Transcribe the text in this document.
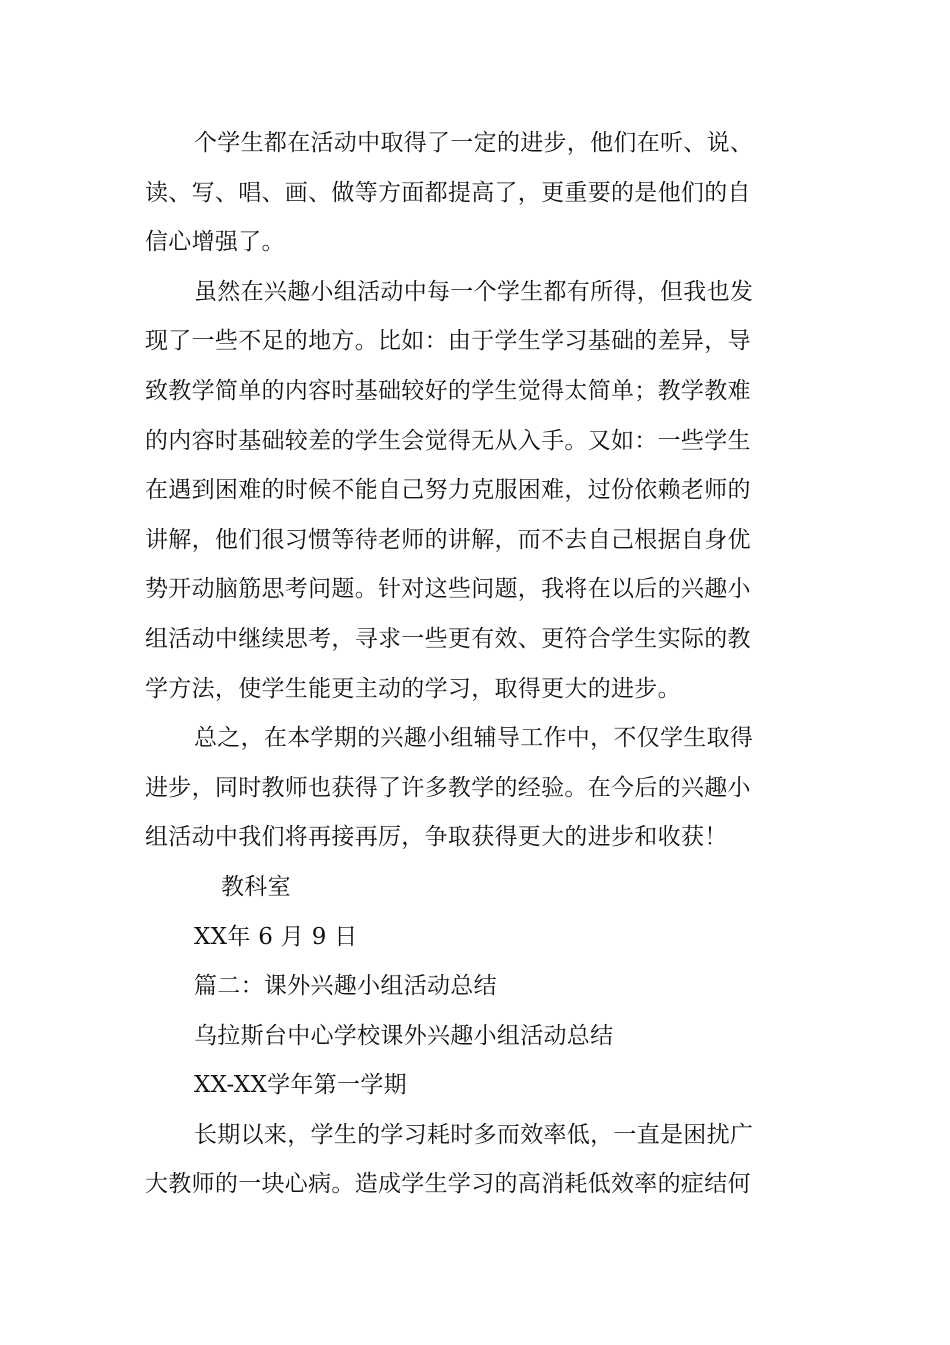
个学生都在活动中取得了一定的进步，他们在听、说、
读、写、唱、画、做等方面都提高了，更重要的是他们的自
信心增强了。
虽然在兴趣小组活动中每一个学生都有所得，但我也发
现了一些不足的地方。比如：由于学生学习基础的差异，导
致教学简单的内容时基础较好的学生觉得太简单；教学教难
的内容时基础较差的学生会觉得无从入手。又如：一些学生
在遇到困难的时候不能自己努力克服困难，过份依赖老师的
讲解，他们很习惯等待老师的讲解，而不去自己根据自身优
势开动脑筋思考问题。针对这些问题，我将在以后的兴趣小
组活动中继续思考，寻求一些更有效、更符合学生实际的教
学方法，使学生能更主动的学习，取得更大的进步。
总之，在本学期的兴趣小组辅导工作中，不仅学生取得
进步，同时教师也获得了许多教学的经验。在今后的兴趣小
组活动中我们将再接再厉，争取获得更大的进步和收获！
教科室
XX年 6 月 9 日
篇二：课外兴趣小组活动总结
乌拉斯台中心学校课外兴趣小组活动总结
XX-XX学年第一学期
长期以来，学生的学习耗时多而效率低，一直是困扰广
大教师的一块心病。造成学生学习的高消耗低效率的症结何
